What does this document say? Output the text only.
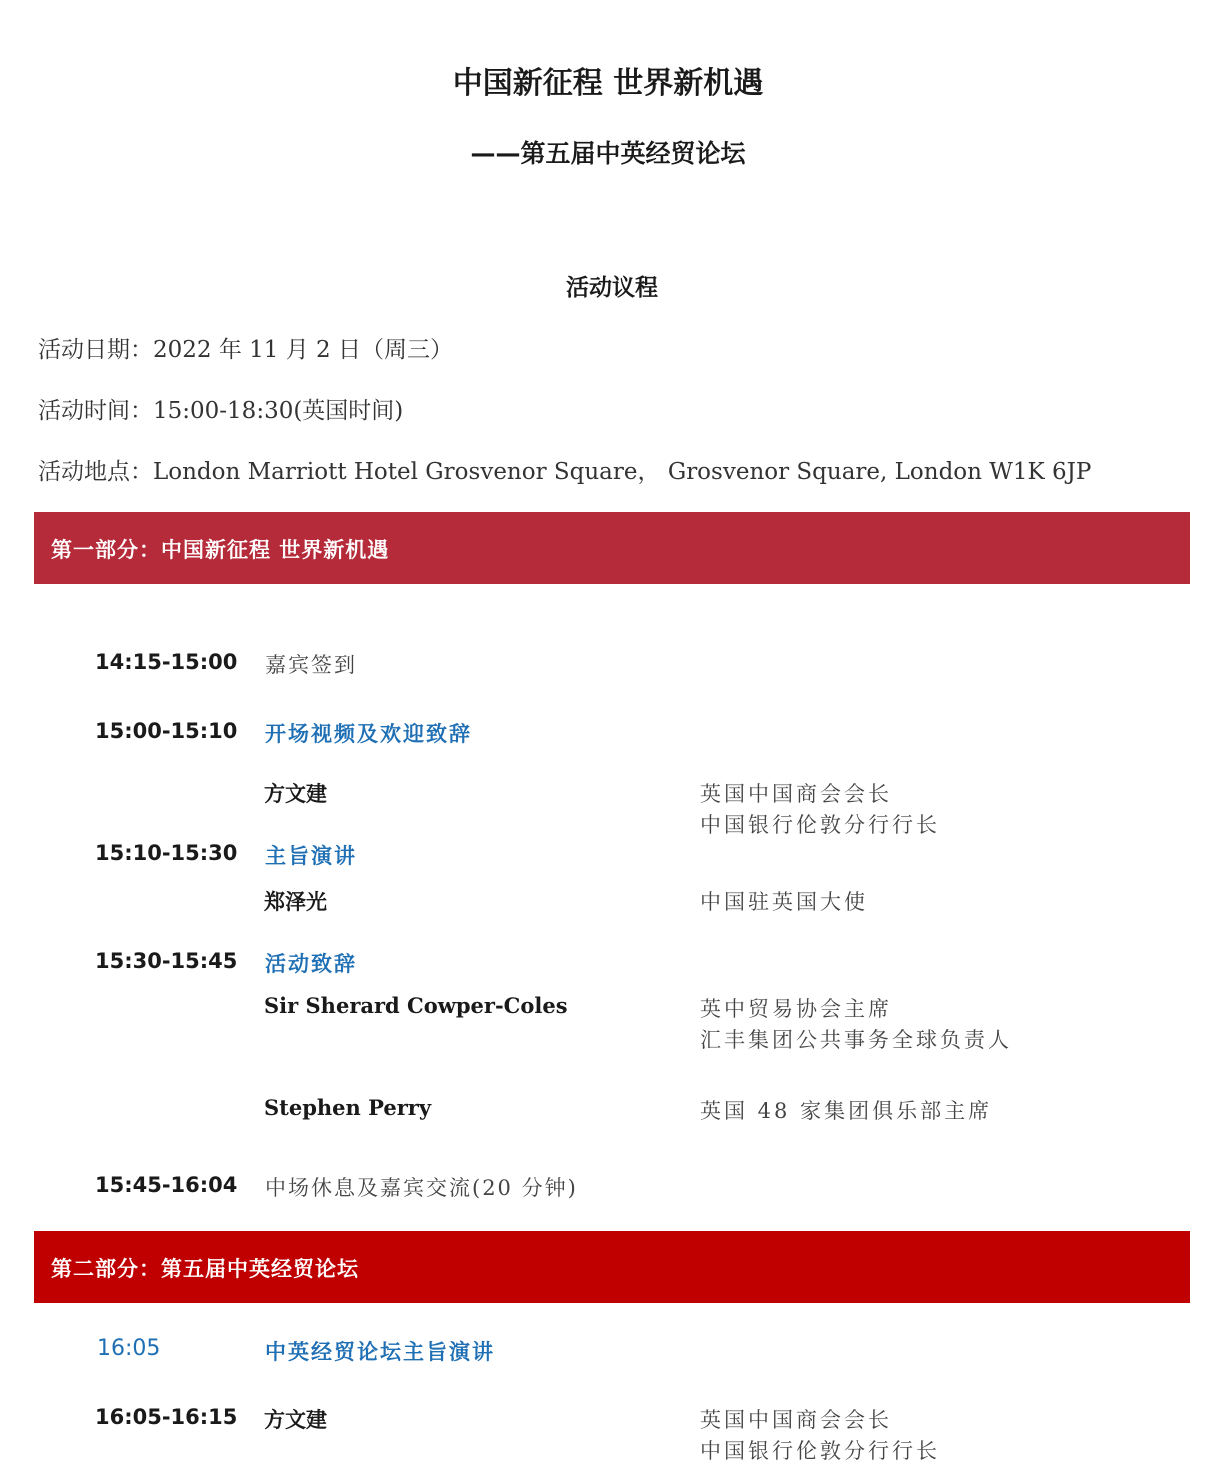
中国新征程 世界新机遇
——第五届中英经贸论坛
活动议程
活动日期：2022 年 11 月 2 日（周三）
活动时间：15:00-18:30(英国时间)
活动地点：London Marriott Hotel Grosvenor Square， Grosvenor Square, London W1K 6JP
第一部分：中国新征程 世界新机遇
14:15-15:00 嘉宾签到
15:00-15:10 开场视频及欢迎致辞
方文建	英国中国商会会长
中国银行伦敦分行行长
15:10-15:30 主旨演讲
郑泽光	中国驻英国大使
15:30-15:45 活动致辞
Sir Sherard Cowper-Coles	英中贸易协会主席
汇丰集团公共事务全球负责人
Stephen Perry	英国 48 家集团俱乐部主席
15:45-16:04 中场休息及嘉宾交流(20 分钟)
第二部分：第五届中英经贸论坛
16:05	中英经贸论坛主旨演讲
16:05-16:15 方文建	英国中国商会会长
中国银行伦敦分行行长
